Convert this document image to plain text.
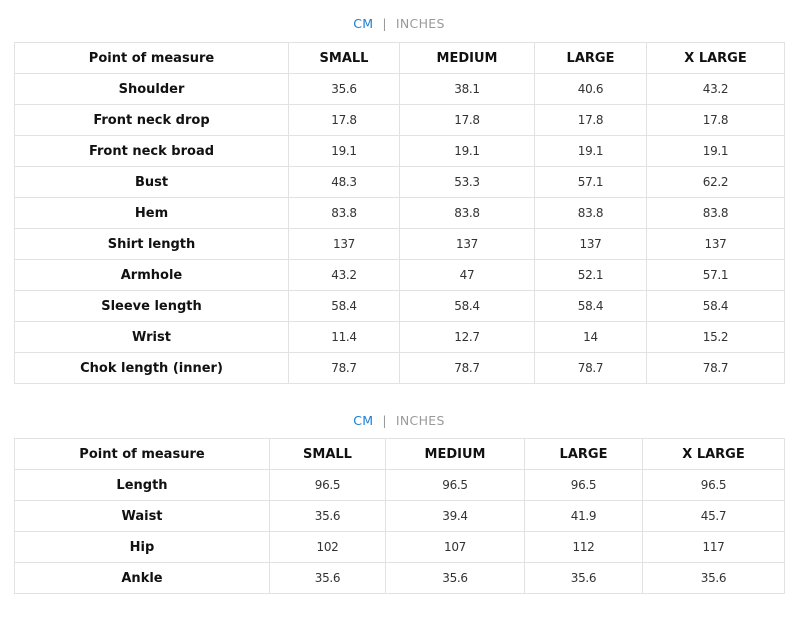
CM | INCHES
Point of measure	SMALL	MEDIUM	LARGE	X LARGE
Shoulder	35.6	38.1	40.6	43.2
Front neck drop	17.8	17.8	17.8	17.8
Front neck broad	19.1	19.1	19.1	19.1
Bust	48.3	53.3	57.1	62.2
Hem	83.8	83.8	83.8	83.8
Shirt length	137	137	137	137
Armhole	43.2	47	52.1	57.1
Sleeve length	58.4	58.4	58.4	58.4
Wrist	11.4	12.7	14	15.2
Chok length (inner)	78.7	78.7	78.7	78.7
CM | INCHES
Point of measure	SMALL	MEDIUM	LARGE	X LARGE
Length	96.5	96.5	96.5	96.5
Waist	35.6	39.4	41.9	45.7
Hip	102	107	112	117
Ankle	35.6	35.6	35.6	35.6
